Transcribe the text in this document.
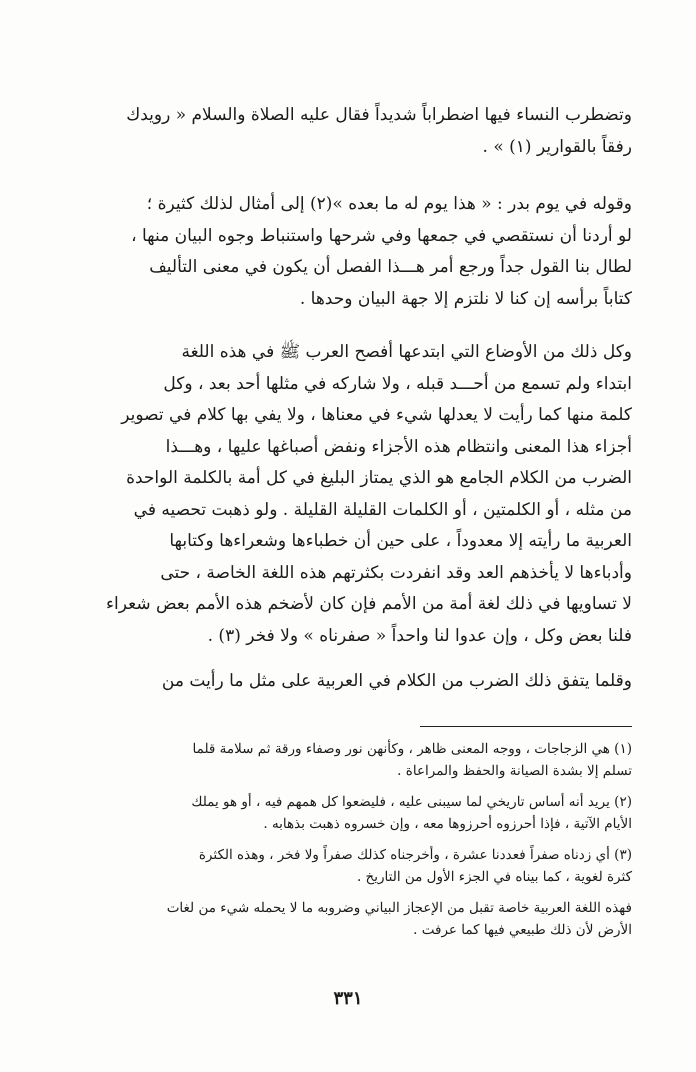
وتضطرب النساء فيها اضطراباً شديداً فقال عليه الصلاة والسلام « رويدك

رفقاً بالقوارير (١) » .

وقوله في يوم بدر : « هذا يوم له ما بعده »(٢) إلى أمثال لذلك كثيرة ؛

لو أردنا أن نستقصي في جمعها وفي شرحها واستنباط وجوه البيان منها ،

لطال بنا القول جداً ورجع أمر هـــذا الفصل أن يكون في معنى التأليف

كتاباً برأسه إن كنا لا نلتزم إلا جهة البيان وحدها .

وكل ذلك من الأوضاع التي ابتدعها أفصح العرب ﷺ في هذه اللغة

ابتداء ولم تسمع من أحـــد قبله ، ولا شاركه في مثلها أحد بعد ، وكل

كلمة منها كما رأيت لا يعدلها شيء في معناها ، ولا يفي بها كلام في تصوير

أجزاء هذا المعنى وانتظام هذه الأجزاء ونفض أصباغها عليها ، وهـــذا

الضرب من الكلام الجامع هو الذي يمتاز البليغ في كل أمة بالكلمة الواحدة

من مثله ، أو الكلمتين ، أو الكلمات القليلة القليلة . ولو ذهبت تحصيه في

العربية ما رأيته إلا معدوداً ، على حين أن خطباءها وشعراءها وكتابها

وأدباءها لا يأخذهم العد وقد انفردت بكثرتهم هذه اللغة الخاصة ، حتى

لا تساويها في ذلك لغة أمة من الأمم فإن كان لأضخم هذه الأمم بعض شعراء

فلنا بعض وكل ، وإن عدوا لنا واحداً « صفرناه » ولا فخر (٣) .

وقلما يتفق ذلك الضرب من الكلام في العربية على مثل ما رأيت من

(١) هي الزجاجات ، ووجه المعنى ظاهر ، وكأنهن نور وصفاء ورقة ثم سلامة قلما
تسلم إلا بشدة الصيانة والحفظ والمراعاة .
(٢) يريد أنه أساس تاريخي لما سيبنى عليه ، فليضعوا كل همهم فيه ، أو هو يملك
الأيام الآتية ، فإذا أحرزوه أحرزوها معه ، وإن خسروه ذهبت بذهابه .
(٣) أي زدناه صفراً فعددنا عشرة ، وأخرجناه كذلك صفراً ولا فخر ، وهذه الكثرة
كثرة لغوية ، كما بيناه في الجزء الأول من التاريخ .
فهذه اللغة العربية خاصة تقبل من الإعجاز البياني وضروبه ما لا يحمله شيء من لغات
الأرض لأن ذلك طبيعي فيها كما عرفت .
٣٣١
